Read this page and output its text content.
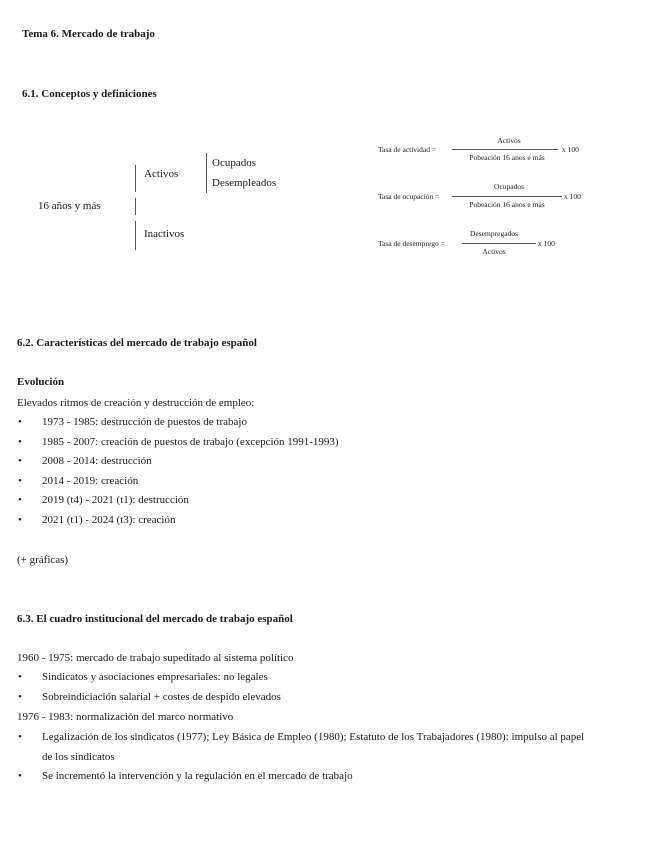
Tema 6. Mercado de trabajo
6.1. Conceptos y definiciones
16 años y más
Activos
Inactivos
Ocupados
Desempleados
Tasa de actividad =
Activos
Pobeación 16 anos e más
x 100
Tasa de ocupación =
Ocupados
Pobeación 16 anos e más
x 100
Tasa de desemprego =
Desempregados
Activos
x 100
6.2. Características del mercado de trabajo español
Evolución
Elevados ritmos de creación y destrucción de empleo:
• 1973 - 1985: destrucción de puestos de trabajo
• 1985 - 2007: creación de puestos de trabajo (excepción 1991-1993)
• 2008 - 2014: destrucción
• 2014 - 2019: creación
• 2019 (t4) - 2021 (t1): destrucción
• 2021 (t1) - 2024 (t3): creación
(+ gráficas)
6.3. El cuadro institucional del mercado de trabajo español
1960 - 1975: mercado de trabajo supeditado al sistema político
• Sindicatos y asociaciones empresariales: no legales
• Sobreindiciación salarial + costes de despido elevados
1976 - 1983: normalización del marco normativo
• Legalización de los sindicatos (1977); Ley Básica de Empleo (1980); Estatuto de los Trabajadores (1980): impulso al papel
de los sindicatos
• Se incrementó la intervención y la regulación en el mercado de trabajo
